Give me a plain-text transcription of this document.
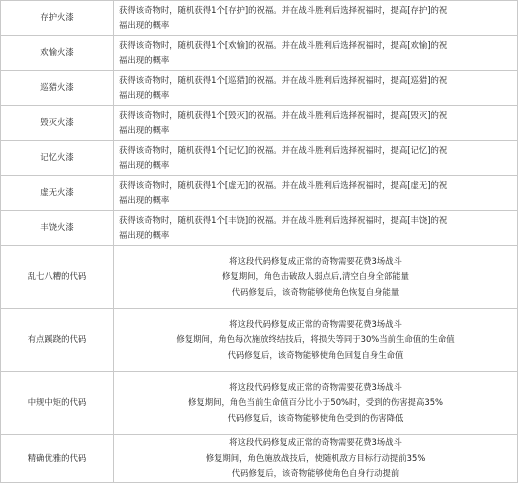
存护火漆	获得该奇物时，随机获得1个[存护]的祝福。并在战斗胜利后选择祝福时，提高[存护]的祝
福出现的概率

欢愉火漆	获得该奇物时，随机获得1个[欢愉]的祝福。并在战斗胜利后选择祝福时，提高[欢愉]的祝
福出现的概率

巡猎火漆	获得该奇物时，随机获得1个[巡猎]的祝福。并在战斗胜利后选择祝福时，提高[巡猎]的祝
福出现的概率

毁灭火漆	获得该奇物时，随机获得1个[毁灭]的祝福。并在战斗胜利后选择祝福时，提高[毁灭]的祝
福出现的概率

记忆火漆	获得该奇物时，随机获得1个[记忆]的祝福。并在战斗胜利后选择祝福时，提高[记忆]的祝
福出现的概率

虚无火漆	获得该奇物时，随机获得1个[虚无]的祝福。并在战斗胜利后选择祝福时，提高[虚无]的祝
福出现的概率

丰饶火漆	获得该奇物时，随机获得1个[丰饶]的祝福。并在战斗胜利后选择祝福时，提高[丰饶]的祝
福出现的概率

乱七八糟的代码	将这段代码修复成正常的奇物需要花费3场战斗
修复期间，角色击破敌人弱点后,清空自身全部能量
代码修复后，该奇物能够使角色恢复自身能量

有点蹊跷的代码	将这段代码修复成正常的奇物需要花费3场战斗
修复期间，角色每次施放终结技后，将损失等同于30%当前生命值的生命值
代码修复后，该奇物能够使角色回复自身生命值

中规中矩的代码	将这段代码修复成正常的奇物需要花费3场战斗
修复期间，角色当前生命值百分比小于50%时，受到的伤害提高35%
代码修复后，该奇物能够使角色受到的伤害降低

精确优雅的代码	将这段代码修复成正常的奇物需要花费3场战斗
修复期间，角色施放战技后，使随机敌方目标行动提前35%
代码修复后，该奇物能够使角色自身行动提前
